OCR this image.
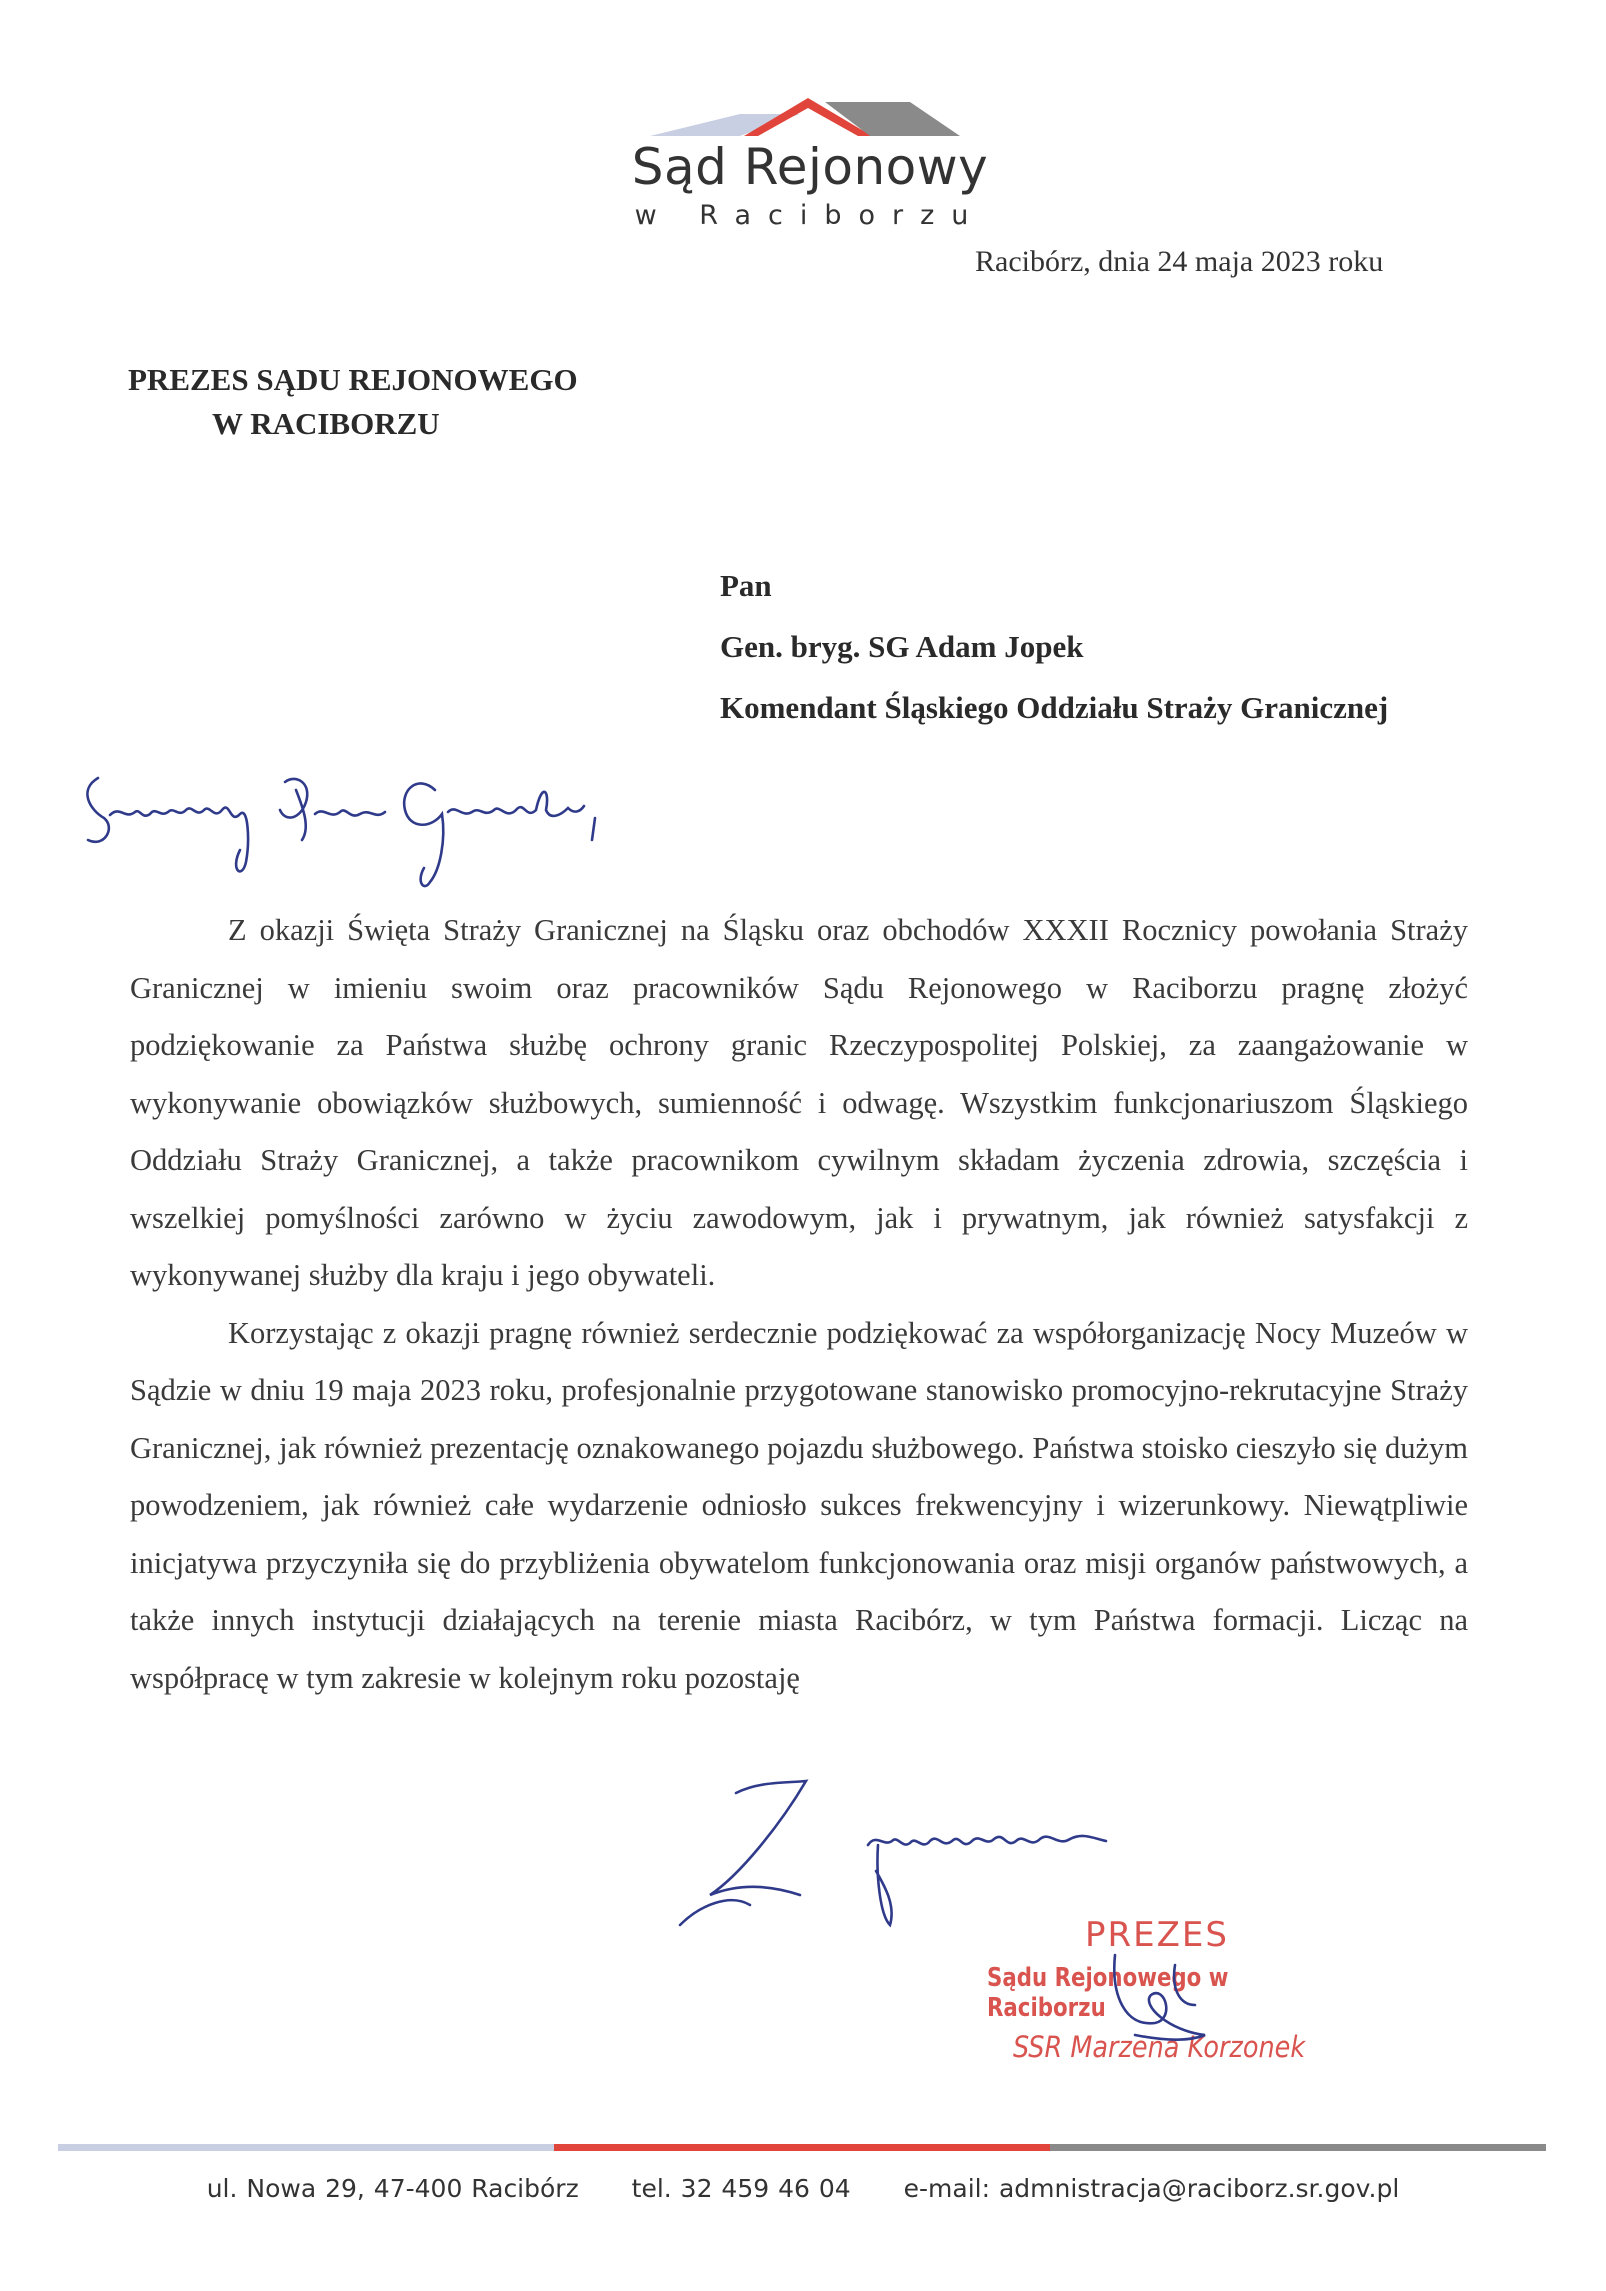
Sąd Rejonowy
w Raciborzu
Racibórz, dnia 24 maja 2023 roku
PREZES SĄDU REJONOWEGO
W RACIBORZU
Pan
Gen. bryg. SG Adam Jopek
Komendant Śląskiego Oddziału Straży Granicznej

Z okazji Święta Straży Granicznej na Śląsku oraz obchodów XXXII Rocznicy powołania Straży Granicznej w imieniu swoim oraz pracowników Sądu Rejonowego w Raciborzu pragnę złożyć podziękowanie za Państwa służbę ochrony granic Rzeczypospolitej Polskiej, za zaangażowanie w wykonywanie obowiązków służbowych, sumienność i odwagę. Wszystkim funkcjonariuszom Śląskiego Oddziału Straży Granicznej, a także pracownikom cywilnym składam życzenia zdrowia, szczęścia i wszelkiej pomyślności zarówno w życiu zawodowym, jak i prywatnym, jak również satysfakcji z wykonywanej służby dla kraju i jego obywateli.

Korzystając z okazji pragnę również serdecznie podziękować za współorganizację Nocy Muzeów w Sądzie w dniu 19 maja 2023 roku, profesjonalnie przygotowane stanowisko promocyjno-rekrutacyjne Straży Granicznej, jak również prezentację oznakowanego pojazdu służbowego. Państwa stoisko cieszyło się dużym powodzeniem, jak również całe wydarzenie odniosło sukces frekwencyjny i wizerunkowy. Niewątpliwie inicjatywa przyczyniła się do przybliżenia obywatelom funkcjonowania oraz misji organów państwowych, a także innych instytucji działających na terenie miasta Racibórz, w tym Państwa formacji. Licząc na współpracę w tym zakresie w kolejnym roku pozostaję

PREZES
Sądu Rejonowego w Raciborzu
SSR Marzena Korzonek
ul. Nowa 29, 47-400 Racibórz tel. 32 459 46 04 e-mail: admnistracja@raciborz.sr.gov.pl
